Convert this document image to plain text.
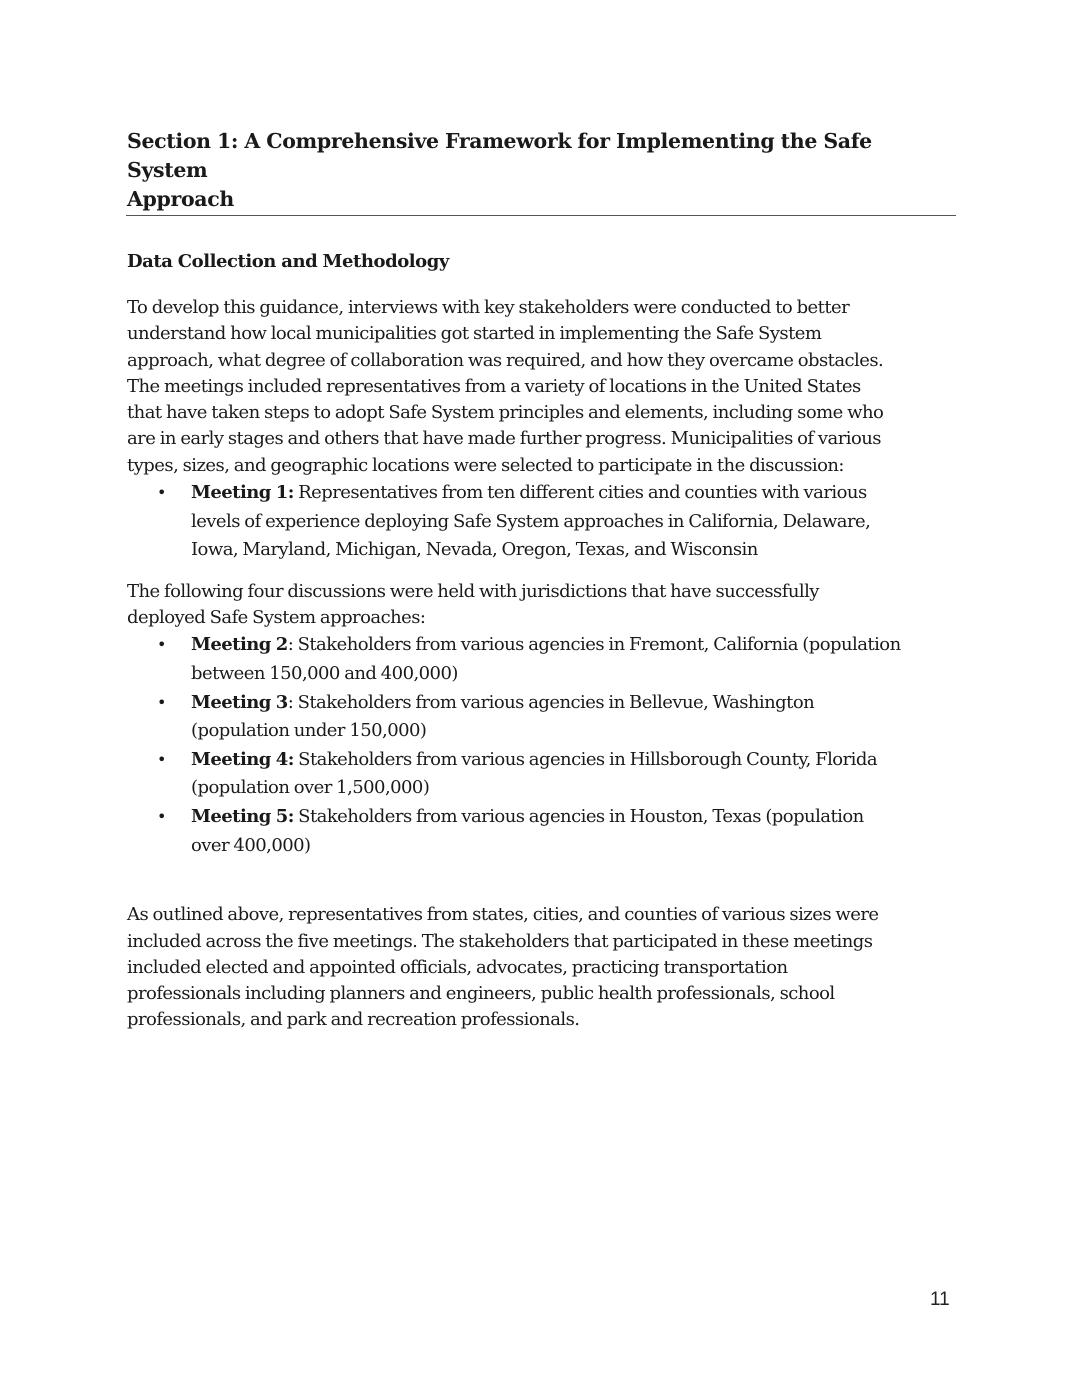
Section 1: A Comprehensive Framework for Implementing the Safe System
Approach
Data Collection and Methodology

To develop this guidance, interviews with key stakeholders were conducted to better
understand how local municipalities got started in implementing the Safe System
approach, what degree of collaboration was required, and how they overcame obstacles.
The meetings included representatives from a variety of locations in the United States
that have taken steps to adopt Safe System principles and elements, including some who
are in early stages and others that have made further progress. Municipalities of various
types, sizes, and geographic locations were selected to participate in the discussion:

• Meeting 1: Representatives from ten different cities and counties with various
levels of experience deploying Safe System approaches in California, Delaware,
Iowa, Maryland, Michigan, Nevada, Oregon, Texas, and Wisconsin

The following four discussions were held with jurisdictions that have successfully
deployed Safe System approaches:

• Meeting 2: Stakeholders from various agencies in Fremont, California (population
between 150,000 and 400,000)
• Meeting 3: Stakeholders from various agencies in Bellevue, Washington
(population under 150,000)
• Meeting 4: Stakeholders from various agencies in Hillsborough County, Florida
(population over 1,500,000)
• Meeting 5: Stakeholders from various agencies in Houston, Texas (population
over 400,000)

As outlined above, representatives from states, cities, and counties of various sizes were
included across the five meetings. The stakeholders that participated in these meetings
included elected and appointed officials, advocates, practicing transportation
professionals including planners and engineers, public health professionals, school
professionals, and park and recreation professionals.

11
